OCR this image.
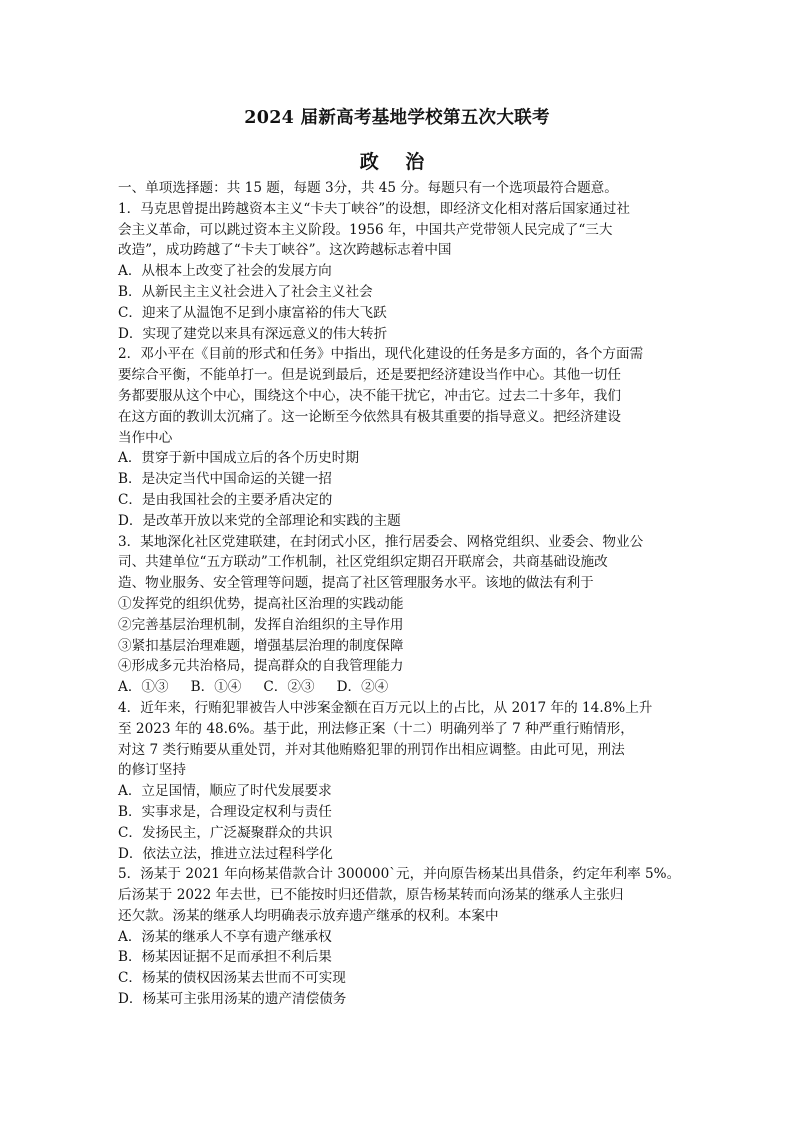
2024 届新高考基地学校第五次大联考
政 治
一、单项选择题：共 15 题，每题 3分，共 45 分。每题只有一个选项最符合题意。
1．马克思曾提出跨越资本主义“卡夫丁峡谷”的设想，即经济文化相对落后国家通过社
会主义革命，可以跳过资本主义阶段。1956 年，中国共产党带领人民完成了“三大
改造”，成功跨越了“卡夫丁峡谷”。这次跨越标志着中国
A．从根本上改变了社会的发展方向
B．从新民主主义社会进入了社会主义社会
C．迎来了从温饱不足到小康富裕的伟大飞跃
D．实现了建党以来具有深远意义的伟大转折
2．邓小平在《目前的形式和任务》中指出，现代化建设的任务是多方面的，各个方面需
要综合平衡，不能单打一。但是说到最后，还是要把经济建设当作中心。其他一切任
务都要服从这个中心，围绕这个中心，决不能干扰它，冲击它。过去二十多年，我们
在这方面的教训太沉痛了。这一论断至今依然具有极其重要的指导意义。把经济建设
当作中心
A．贯穿于新中国成立后的各个历史时期
B．是决定当代中国命运的关键一招
C．是由我国社会的主要矛盾决定的
D．是改革开放以来党的全部理论和实践的主题
3．某地深化社区党建联建，在封闭式小区，推行居委会、网格党组织、业委会、物业公
司、共建单位“五方联动”工作机制，社区党组织定期召开联席会，共商基础设施改
造、物业服务、安全管理等问题，提高了社区管理服务水平。该地的做法有利于
①发挥党的组织优势，提高社区治理的实践动能
②完善基层治理机制，发挥自治组织的主导作用
③紧扣基层治理难题，增强基层治理的制度保障
④形成多元共治格局，提高群众的自我管理能力
A．①③ B．①④ C．②③ D．②④
4．近年来，行贿犯罪被告人中涉案金额在百万元以上的占比，从 2017 年的 14.8%上升
至 2023 年的 48.6%。基于此，刑法修正案（十二）明确列举了 7 种严重行贿情形，
对这 7 类行贿要从重处罚，并对其他贿赂犯罪的刑罚作出相应调整。由此可见，刑法
的修订坚持
A．立足国情，顺应了时代发展要求
B．实事求是，合理设定权利与责任
C．发扬民主，广泛凝聚群众的共识
D．依法立法，推进立法过程科学化
5．汤某于 2021 年向杨某借款合计 300000`元，并向原告杨某出具借条，约定年利率 5%。
后汤某于 2022 年去世，已不能按时归还借款，原告杨某转而向汤某的继承人主张归
还欠款。汤某的继承人均明确表示放弃遗产继承的权利。本案中
A．汤某的继承人不享有遗产继承权
B．杨某因证据不足而承担不利后果
C．杨某的债权因汤某去世而不可实现
D．杨某可主张用汤某的遗产清偿债务
